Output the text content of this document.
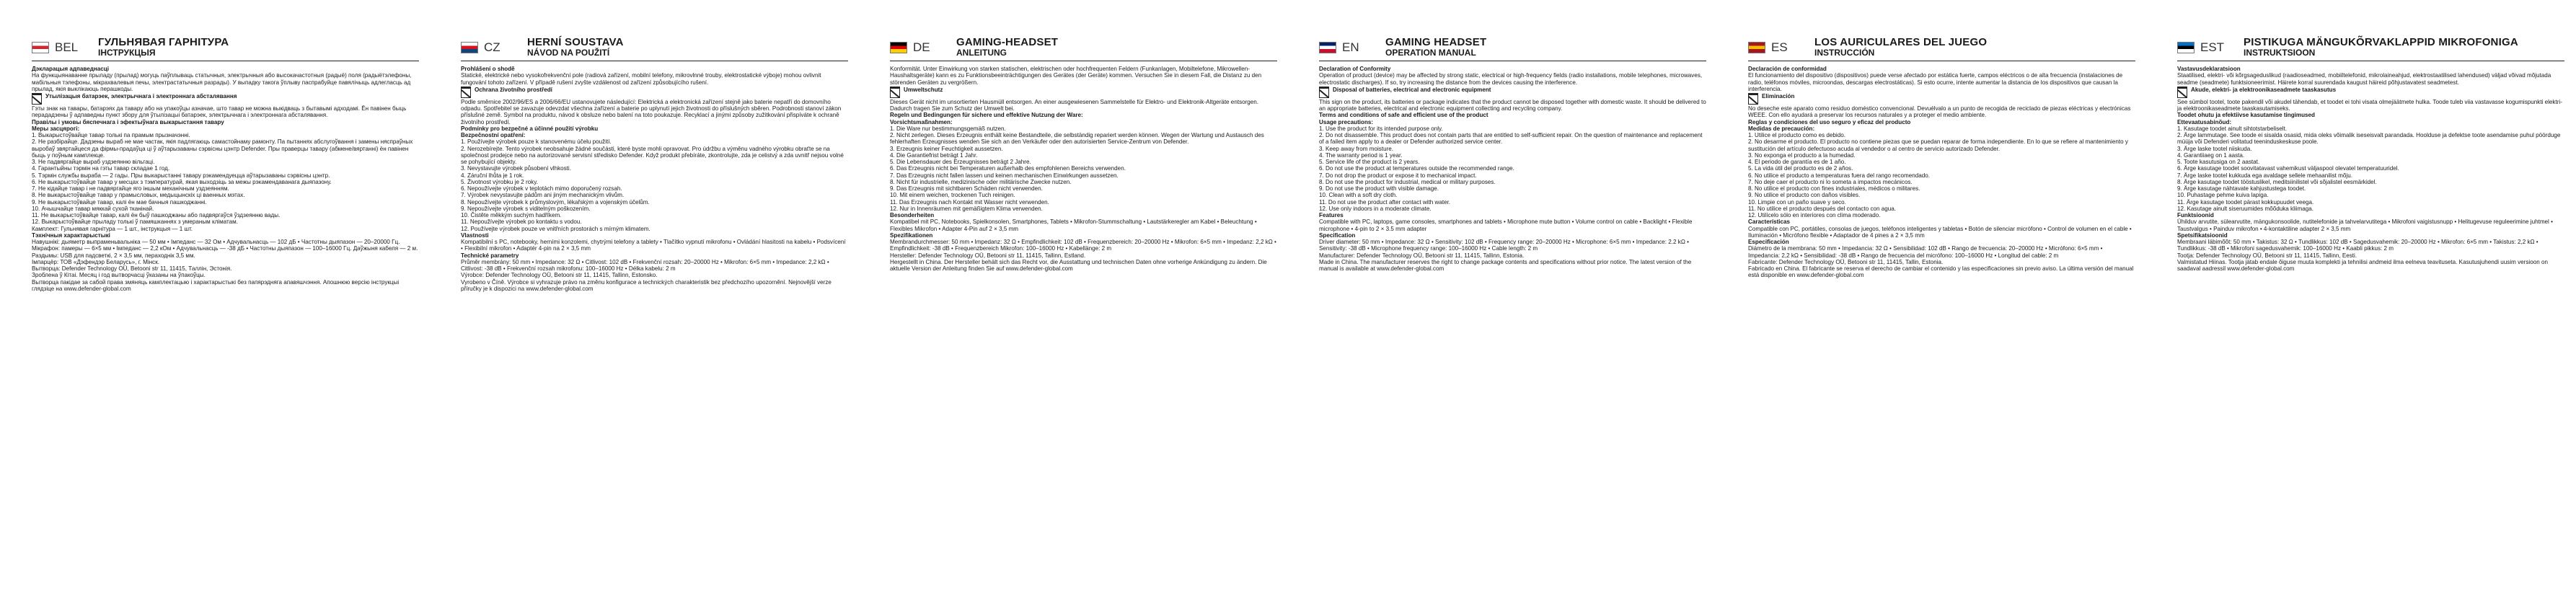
BEL	ГУЛЬНЯВАЯ ГАРНІТУРА
ІНСТРУКЦЫЯ

Дэкларацыя адпаведнасці

На функцыянаванне прыладу (прылад) могуць паўплываць статычныя, электрычныя або высокачастотныя (радыё) поля (радыётэлефоны, мабільныя тэлефоны, мікрахвалевыя печы, электрастатычныя разрады). У выпадку такога ўплыву паспрабуйце павялічыць адлегласць ад прылад, якія выклікаюць перашкоды.

Утылізацыя батарэек, электрычнага і электроннага абсталявання

Гэты знак на тавары, батарэях да тавару або на упакоўцы азначае, што тавар не можна выкідваць з бытавымі адходамі. Ён павінен быць перададзены ў адпаведны пункт збору для ўтылізацыі батарэек, электрычнага і электроннага абсталявання.

Правілы і умовы бяспечнага і эфектыўнага выкарыстання тавару

Меры засцярогі:

1. Выкарыстоўвайце тавар толькі па прамым прызначэнні.

2. Не разбірайце. Дадзены выраб не мае частак, якія падлягаюць самастойнаму рамонту. Па пытаннях абслугоўвання і замены няспраўных выробаў звяртайцеся да фірмы-прадаўца ці ў аўтарызаваны сэрвісны цэнтр Defender. Пры праверцы тавару (абмене/вяртанні) ён павінен быць у поўным камплекце.

3. Не падвяргайце выраб уздзеянню вільгаці.

4. Гарантыйны тэрмін на гэты тавар складае 1 год.

5. Тэрмін службы выраба — 2 гады. Пры выкарыстанні тавару рэкамендуецца аўтарызаваны сэрвісны цэнтр.

6. Не выкарыстоўвайце тавар у месцах з тэмпературай, якая выходзіць за межы рэкамендаванага дыяпазону.

7. Не кідайце тавар і не падвяргайце яго іншым механічным уздзеянням.

8. Не выкарыстоўвайце тавар у прамысловых, медыцынскіх ці ваенных мэтах.

9. Не выкарыстоўвайце тавар, калі ён мае бачныя пашкоджанні.

10. Ачышчайце тавар мяккай сухой тканінай.

11. Не выкарыстоўвайце тавар, калі ён быў пашкоджаны або падвяргаўся ўздзеянню вады.

12. Выкарыстоўвайце прыладу толькі ў памяшканнях з умераным кліматам.

Камплект: Гульнявая гарнітура — 1 шт., інструкцыя — 1 шт.

Тэхнічныя характарыстыкі

Навушнікі: дыяметр выпраменьвальніка — 50 мм • Імпеданс — 32 Ом • Адчувальнасць — 102 дБ • Частотны дыяпазон — 20–20000 Гц. Мікрафон: памеры — 6×5 мм • Імпеданс — 2,2 кОм • Адчувальнасць — -38 дБ • Частотны дыяпазон — 100–16000 Гц. Даўжыня кабеля — 2 м. Раздымы: USB для падсветкі, 2 × 3,5 мм, пераходнік 3,5 мм.

Імпарцёр: ТОВ «Дэфендэр Беларусь», г. Мінск.

Вытворца: Defender Technology OÜ, Betooni str 11, 11415, Таллін, Эстонія.

Зроблена ў Кітаі. Месяц і год вытворчасці ўказаны на ўпакоўцы.

Вытворца пакідае за сабой права змяняць камплектацыю і характарыстыкі без папярэдняга апавяшчэння. Апошнюю версію інструкцыі глядзіце на www.defender-global.com

CZ	HERNÍ SOUSTAVA
NÁVOD NA POUŽITÍ

Prohlášení o shodě

Statické, elektrické nebo vysokofrekvenční pole (radiová zařízení, mobilní telefony, mikrovlnné trouby, elektrostatické výboje) mohou ovlivnit fungování tohoto zařízení. V případě rušení zvyšte vzdálenost od zařízení způsobujícího rušení.

Ochrana životního prostředí

Podle směrnice 2002/96/ES a 2006/66/EU ustanovujete následující: Elektrická a elektronická zařízení stejně jako baterie nepatří do domovního odpadu. Spotřebitel se zavazuje odevzdat všechna zařízení a baterie po uplynutí jejich životnosti do příslušných sběren. Podrobnosti stanoví zákon příslušné země. Symbol na produktu, návod k obsluze nebo balení na toto poukazuje. Recyklací a jinými způsoby zužitkování přispíváte k ochraně životního prostředí.

Podmínky pro bezpečné a účinné použití výrobku

Bezpečnostní opatření:

1. Používejte výrobek pouze k stanovenému účelu použití.

2. Nerozebírejte. Tento výrobek neobsahuje žádné součásti, které byste mohli opravovat. Pro údržbu a výměnu vadného výrobku obraťte se na společnost prodejce nebo na autorizované servisní středisko Defender. Když produkt přebíráte, zkontrolujte, zda je celistvý a zda uvnitř nejsou volné se pohybující objekty.

3. Nevystavujte výrobek působení vlhkosti.

4. Záruční lhůta je 1 rok.

5. Životnost výrobku je 2 roky.

6. Nepoužívejte výrobek v teplotách mimo doporučený rozsah.

7. Výrobek nevystavujte pádům ani jiným mechanickým vlivům.

8. Nepoužívejte výrobek k průmyslovým, lékařským a vojenským účelům.

9. Nepoužívejte výrobek s viditelným poškozením.

10. Čistěte měkkým suchým hadříkem.

11. Nepoužívejte výrobek po kontaktu s vodou.

12. Používejte výrobek pouze ve vnitřních prostorách s mírným klimatem.

Vlastnosti

Kompatibilní s PC, notebooky, herními konzolemi, chytrými telefony a tablety • Tlačítko vypnutí mikrofonu • Ovládání hlasitosti na kabelu • Podsvícení • Flexibilní mikrofon • Adaptér 4-pin na 2 × 3,5 mm

Technické parametry

Průměr membrány: 50 mm • Impedance: 32 Ω • Citlivost: 102 dB • Frekvenční rozsah: 20–20000 Hz • Mikrofon: 6×5 mm • Impedance: 2,2 kΩ • Citlivost: -38 dB • Frekvenční rozsah mikrofonu: 100–16000 Hz • Délka kabelu: 2 m

Výrobce: Defender Technology OÜ, Betooni str 11, 11415, Tallinn, Estonsko.

Vyrobeno v Číně. Výrobce si vyhrazuje právo na změnu konfigurace a technických charakteristik bez předchozího upozornění. Nejnovější verze příručky je k dispozici na www.defender-global.com

DE	GAMING-HEADSET
ANLEITUNG

Konformität. Unter Einwirkung von starken statischen, elektrischen oder hochfrequenten Feldern (Funkanlagen, Mobiltelefone, Mikrowellen-Haushaltsgeräte) kann es zu Funktionsbeeinträchtigungen des Gerätes (der Geräte) kommen. Versuchen Sie in diesem Fall, die Distanz zu den störenden Geräten zu vergrößern.

Umweltschutz

Dieses Gerät nicht im unsortierten Hausmüll entsorgen. An einer ausgewiesenen Sammelstelle für Elektro- und Elektronik-Altgeräte entsorgen. Dadurch tragen Sie zum Schutz der Umwelt bei.

Regeln und Bedingungen für sichere und effektive Nutzung der Ware:

Vorsichtsmaßnahmen:

1. Die Ware nur bestimmungsgemäß nutzen.

2. Nicht zerlegen. Dieses Erzeugnis enthält keine Bestandteile, die selbständig repariert werden können. Wegen der Wartung und Austausch des fehlerhaften Erzeugnisses wenden Sie sich an den Verkäufer oder den autorisierten Service-Zentrum von Defender.

3. Erzeugnis keiner Feuchtigkeit aussetzen.

4. Die Garantiefrist beträgt 1 Jahr.

5. Die Lebensdauer des Erzeugnisses beträgt 2 Jahre.

6. Das Erzeugnis nicht bei Temperaturen außerhalb des empfohlenen Bereichs verwenden.

7. Das Erzeugnis nicht fallen lassen und keinen mechanischen Einwirkungen aussetzen.

8. Nicht für industrielle, medizinische oder militärische Zwecke nutzen.

9. Das Erzeugnis mit sichtbaren Schäden nicht verwenden.

10. Mit einem weichen, trockenen Tuch reinigen.

11. Das Erzeugnis nach Kontakt mit Wasser nicht verwenden.

12. Nur in Innenräumen mit gemäßigtem Klima verwenden.

Besonderheiten

Kompatibel mit PC, Notebooks, Spielkonsolen, Smartphones, Tablets • Mikrofon-Stummschaltung • Lautstärkeregler am Kabel • Beleuchtung • Flexibles Mikrofon • Adapter 4-Pin auf 2 × 3,5 mm

Spezifikationen

Membrandurchmesser: 50 mm • Impedanz: 32 Ω • Empfindlichkeit: 102 dB • Frequenzbereich: 20–20000 Hz • Mikrofon: 6×5 mm • Impedanz: 2,2 kΩ • Empfindlichkeit: -38 dB • Frequenzbereich Mikrofon: 100–16000 Hz • Kabellänge: 2 m

Hersteller: Defender Technology OÜ, Betooni str 11, 11415, Tallinn, Estland.

Hergestellt in China. Der Hersteller behält sich das Recht vor, die Ausstattung und technischen Daten ohne vorherige Ankündigung zu ändern. Die aktuelle Version der Anleitung finden Sie auf www.defender-global.com

EN	GAMING HEADSET
OPERATION MANUAL

Declaration of Conformity

Operation of product (device) may be affected by strong static, electrical or high-frequency fields (radio installations, mobile telephones, microwaves, electrostatic discharges). If so, try increasing the distance from the devices causing the interference.

Disposal of batteries, electrical and electronic equipment

This sign on the product, its batteries or package indicates that the product cannot be disposed together with domestic waste. It should be delivered to an appropriate batteries, electrical and electronic equipment collecting and recycling company.

Terms and conditions of safe and efficient use of the product

Usage precautions:

1. Use the product for its intended purpose only.

2. Do not disassemble. This product does not contain parts that are entitled to self-sufficient repair. On the question of maintenance and replacement of a failed item apply to a dealer or Defender authorized service center.

3. Keep away from moisture.

4. The warranty period is 1 year.

5. Service life of the product is 2 years.

6. Do not use the product at temperatures outside the recommended range.

7. Do not drop the product or expose it to mechanical impact.

8. Do not use the product for industrial, medical or military purposes.

9. Do not use the product with visible damage.

10. Clean with a soft dry cloth.

11. Do not use the product after contact with water.

12. Use only indoors in a moderate climate.

Features

Compatible with PC, laptops, game consoles, smartphones and tablets • Microphone mute button • Volume control on cable • Backlight • Flexible microphone • 4-pin to 2 × 3.5 mm adapter

Specification

Driver diameter: 50 mm • Impedance: 32 Ω • Sensitivity: 102 dB • Frequency range: 20–20000 Hz • Microphone: 6×5 mm • Impedance: 2.2 kΩ • Sensitivity: -38 dB • Microphone frequency range: 100–16000 Hz • Cable length: 2 m

Manufacturer: Defender Technology OÜ, Betooni str 11, 11415, Tallinn, Estonia.

Made in China. The manufacturer reserves the right to change package contents and specifications without prior notice. The latest version of the manual is available at www.defender-global.com

ES	LOS AURICULARES DEL JUEGO
INSTRUCCIÓN

Declaración de conformidad

El funcionamiento del dispositivo (dispositivos) puede verse afectado por estática fuerte, campos eléctricos o de alta frecuencia (instalaciones de radio, teléfonos móviles, microondas, descargas electrostáticas). Si esto ocurre, intente aumentar la distancia de los dispositivos que causan la interferencia.

Eliminación

No deseche este aparato como residuo doméstico convencional. Devuélvalo a un punto de recogida de reciclado de piezas eléctricas y electrónicas WEEE. Con ello ayudará a preservar los recursos naturales y a proteger el medio ambiente.

Reglas y condiciones del uso seguro y eficaz del producto

Medidas de precaución:

1. Utilice el producto como es debido.

2. No desarme el producto. El producto no contiene piezas que se puedan reparar de forma independiente. En lo que se refiere al mantenimiento y sustitución del artículo defectuoso acuda al vendedor o al centro de servicio autorizado Defender.

3. No exponga el producto a la humedad.

4. El periodo de garantía es de 1 año.

5. La vida útil del producto es de 2 años.

6. No utilice el producto a temperaturas fuera del rango recomendado.

7. No deje caer el producto ni lo someta a impactos mecánicos.

8. No utilice el producto con fines industriales, médicos o militares.

9. No utilice el producto con daños visibles.

10. Limpie con un paño suave y seco.

11. No utilice el producto después del contacto con agua.

12. Utilícelo sólo en interiores con clima moderado.

Características

Compatible con PC, portátiles, consolas de juegos, teléfonos inteligentes y tabletas • Botón de silenciar micrófono • Control de volumen en el cable • Iluminación • Micrófono flexible • Adaptador de 4 pines a 2 × 3,5 mm

Especificación

Diámetro de la membrana: 50 mm • Impedancia: 32 Ω • Sensibilidad: 102 dB • Rango de frecuencia: 20–20000 Hz • Micrófono: 6×5 mm • Impedancia: 2,2 kΩ • Sensibilidad: -38 dB • Rango de frecuencia del micrófono: 100–16000 Hz • Longitud del cable: 2 m

Fabricante: Defender Technology OÜ, Betooni str 11, 11415, Tallin, Estonia.

Fabricado en China. El fabricante se reserva el derecho de cambiar el contenido y las especificaciones sin previo aviso. La última versión del manual está disponible en www.defender-global.com

EST	PISTIKUGA MÄNGUKÕRVAKLAPPID MIKROFONIGA
INSTRUKTSIOON

Vastavusdeklaratsioon

Staatilised, elektri- või kõrgsageduslikud (raadioseadmed, mobiiltelefonid, mikrolaineahjud, elektrostaatilised lahendused) väljad võivad mõjutada seadme (seadmete) funktsioneerimist. Häirete korral suurendada kaugust häireid põhjustavatest seadmetest.

Akude, elektri- ja elektroonikaseadmete taaskasutus

See sümbol tootel, toote pakendil või akudel tähendab, et toodet ei tohi visata olmejäätmete hulka. Toode tuleb viia vastavasse kogumispunkti elektri- ja elektroonikaseadmete taaskasutamiseks.

Toodet ohutu ja efektiivse kasutamise tingimused

Ettevaatusabinõud:

1. Kasutage toodet ainult sihtotstarbeliselt.

2. Ärge lammutage. See toode ei sisalda osasid, mida oleks võimalik iseseisvalt parandada. Hoolduse ja defektse toote asendamise puhul pöörduge müüja või Defenderi volitatud teeninduskeskuse poole.

3. Ärge laske tootel niiskuda.

4. Garantiiaeg on 1 aasta.

5. Toote kasutusiga on 2 aastat.

6. Ärge kasutage toodet soovitatavast vahemikust väljaspool olevatel temperatuuridel.

7. Ärge laske tootel kukkuda ega avaldage sellele mehaanilist mõju.

8. Ärge kasutage toodet tööstuslikel, meditsiinilistel või sõjalistel eesmärkidel.

9. Ärge kasutage nähtavate kahjustustega toodet.

10. Puhastage pehme kuiva lapiga.

11. Ärge kasutage toodet pärast kokkupuudet veega.

12. Kasutage ainult siseruumides mõõduka kliimaga.

Funktsioonid

Ühilduv arvutite, sülearvutite, mängukonsoolide, nutitelefonide ja tahvelarvutitega • Mikrofoni vaigistusnupp • Helitugevuse reguleerimine juhtmel • Taustvalgus • Painduv mikrofon • 4-kontaktiline adapter 2 × 3,5 mm

Spetsifikatsioonid

Membraani läbimõõt: 50 mm • Takistus: 32 Ω • Tundlikkus: 102 dB • Sagedusvahemik: 20–20000 Hz • Mikrofon: 6×5 mm • Takistus: 2,2 kΩ • Tundlikkus: -38 dB • Mikrofoni sagedusvahemik: 100–16000 Hz • Kaabli pikkus: 2 m

Tootja: Defender Technology OÜ, Betooni str 11, 11415, Tallinn, Eesti.

Valmistatud Hiinas. Tootja jätab endale õiguse muuta komplekti ja tehnilisi andmeid ilma eelneva teavituseta. Kasutusjuhendi uusim versioon on saadaval aadressil www.defender-global.com
